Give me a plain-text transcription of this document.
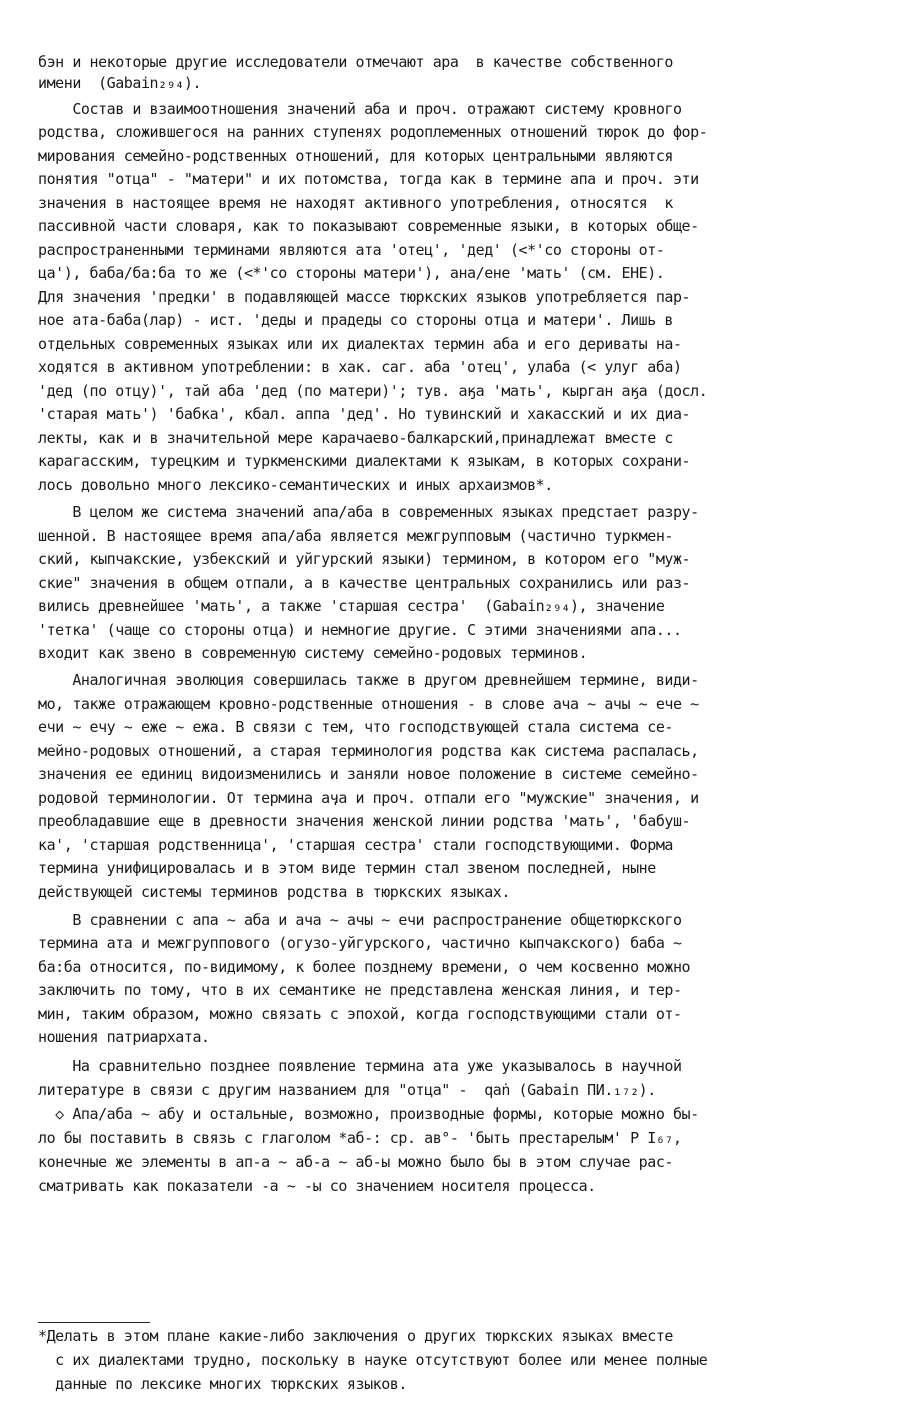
бэн и некоторые другие исследователи отмечают ара  в качестве собственного
имени  (Gabain₂₉₄).
Состав и взаимоотношения значений аба и проч. отражают систему кровного
родства, сложившегося на ранних ступенях родоплеменных отношений тюрок до фор-
мирования семейно-родственных отношений, для которых центральными являются
понятия "отца" - "матери" и их потомства, тогда как в термине апа и проч. эти
значения в настоящее время не находят активного употребления, относятся  к
пассивной части словаря, как то показывают современные языки, в которых обще-
распространенными терминами являются ата 'отец', 'дед' (<*'со стороны от-
ца'), баба/ба:ба то же (<*'со стороны матери'), ана/ене 'мать' (см. ЕНЕ).
Для значения 'предки' в подавляющей массе тюркских языков употребляется пар-
ное ата-баба(лар) - ист. 'деды и прадеды со стороны отца и матери'. Лишь в
отдельных современных языках или их диалектах термин аба и его дериваты на-
ходятся в активном употреблении: в хак. саг. аба 'отец', улаба (< улуг аба)
'дед (по отцу)', тай аба 'дед (по матери)'; тув. аӄа 'мать', кырган аӄа (досл.
'старая мать') 'бабка', кбал. аппа 'дед'. Но тувинский и хакасский и их диа-
лекты, как и в значительной мере карачаево-балкарский,принадлежат вместе с
карагасским, турецким и туркменскими диалектами к языкам, в которых сохрани-
лось довольно много лексико-семантических и иных архаизмов*.
В целом же система значений апа/аба в современных языках предстает разру-
шенной. В настоящее время апа/аба является межгрупповым (частично туркмен-
ский, кыпчакские, узбекский и уйгурский языки) термином, в котором его "муж-
ские" значения в общем отпали, а в качестве центральных сохранились или раз-
вились древнейшее 'мать', а также 'старшая сестра'  (Gabain₂₉₄), значение
'тетка' (чаще со стороны отца) и немногие другие. С этими значениями апа...
входит как звено в современную систему семейно-родовых терминов.
Аналогичная эволюция совершилась также в другом древнейшем термине, види-
мо, также отражающем кровно-родственные отношения - в слове ача ~ ачы ~ ече ~
ечи ~ ечу ~ еже ~ ежа. В связи с тем, что господствующей стала система се-
мейно-родовых отношений, а старая терминология родства как система распалась,
значения ее единиц видоизменились и заняли новое положение в системе семейно-
родовой терминологии. От термина аӌа и проч. отпали его "мужские" значения, и
преобладавшие еще в древности значения женской линии родства 'мать', 'бабуш-
ка', 'старшая родственница', 'старшая сестра' стали господствующими. Форма
термина унифицировалась и в этом виде термин стал звеном последней, ныне
действующей системы терминов родства в тюркских языках.
В сравнении с апа ~ аба и ача ~ ачы ~ ечи распространение общетюркского
термина ата и межгруппового (огузо-уйгурского, частично кыпчакского) баба ~
ба:ба относится, по-видимому, к более позднему времени, о чем косвенно можно
заключить по тому, что в их семантике не представлена женская линия, и тер-
мин, таким образом, можно связать с эпохой, когда господствующими стали от-
ношения патриархата.
На сравнительно позднее появление термина ата уже указывалось в научной
литературе в связи с другим названием для "отца" -  qaṅ (Gabain ПИ.₁₇₂).
◇ Апа/аба ~ абу и остальные, возможно, производные формы, которые можно бы-
ло бы поставить в связь с глаголом *аб-: ср. ав°- 'быть престарелым' Р I₆₇,
конечные же элементы в ап-а ~ аб-а ~ аб-ы можно было бы в этом случае рас-
сматривать как показатели -а ~ -ы со значением носителя процесса.
*Делать в этом плане какие-либо заключения о других тюркских языках вместе
с их диалектами трудно, поскольку в науке отсутствуют более или менее полные
данные по лексике многих тюркских языков.
